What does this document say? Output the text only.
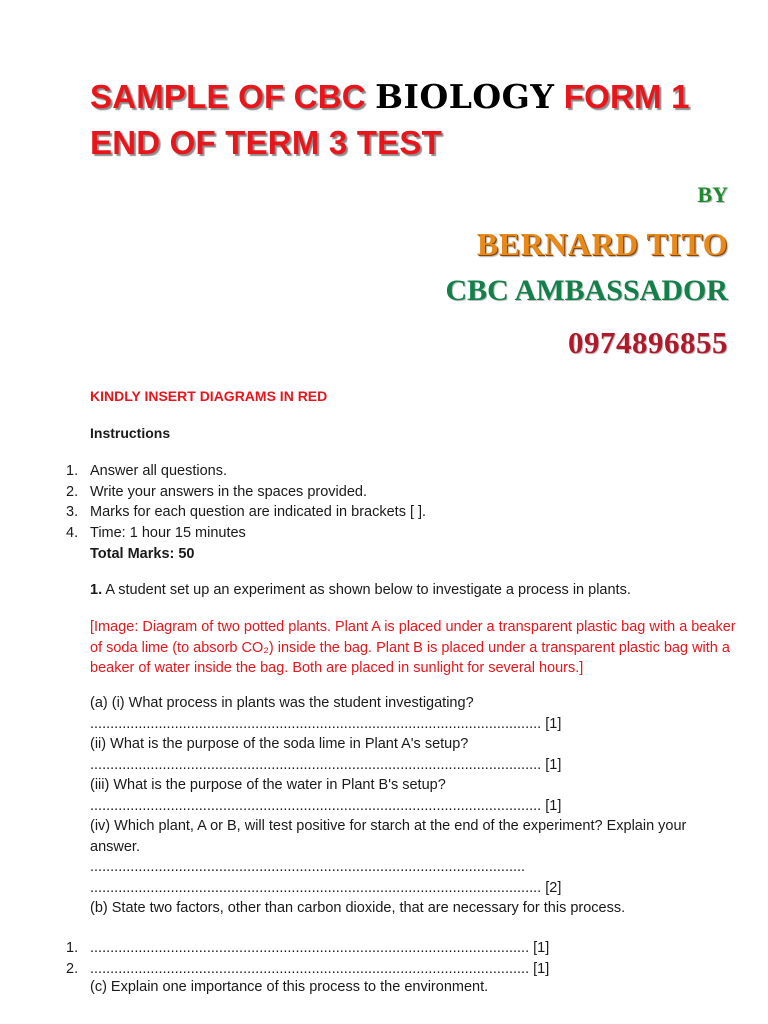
SAMPLE OF CBC BIOLOGY FORM 1 END OF TERM 3 TEST
BY
BERNARD TITO
CBC AMBASSADOR
0974896855
KINDLY INSERT DIAGRAMS IN RED
Instructions
1. Answer all questions.
2. Write your answers in the spaces provided.
3. Marks for each question are indicated in brackets [ ].
4. Time: 1 hour 15 minutes
Total Marks: 50
1. A student set up an experiment as shown below to investigate a process in plants.
[Image: Diagram of two potted plants. Plant A is placed under a transparent plastic bag with a beaker of soda lime (to absorb CO₂) inside the bag. Plant B is placed under a transparent plastic bag with a beaker of water inside the bag. Both are placed in sunlight for several hours.]
(a) (i) What process in plants was the student investigating?
................................................................................................................ [1]
(ii) What is the purpose of the soda lime in Plant A's setup?
................................................................................................................ [1]
(iii) What is the purpose of the water in Plant B's setup?
................................................................................................................ [1]
(iv) Which plant, A or B, will test positive for starch at the end of the experiment? Explain your answer.
............................................................................................................
................................................................................................................ [2]
(b) State two factors, other than carbon dioxide, that are necessary for this process.
1. ............................................................................................................. [1]
2. ............................................................................................................. [1]
(c) Explain one importance of this process to the environment.
